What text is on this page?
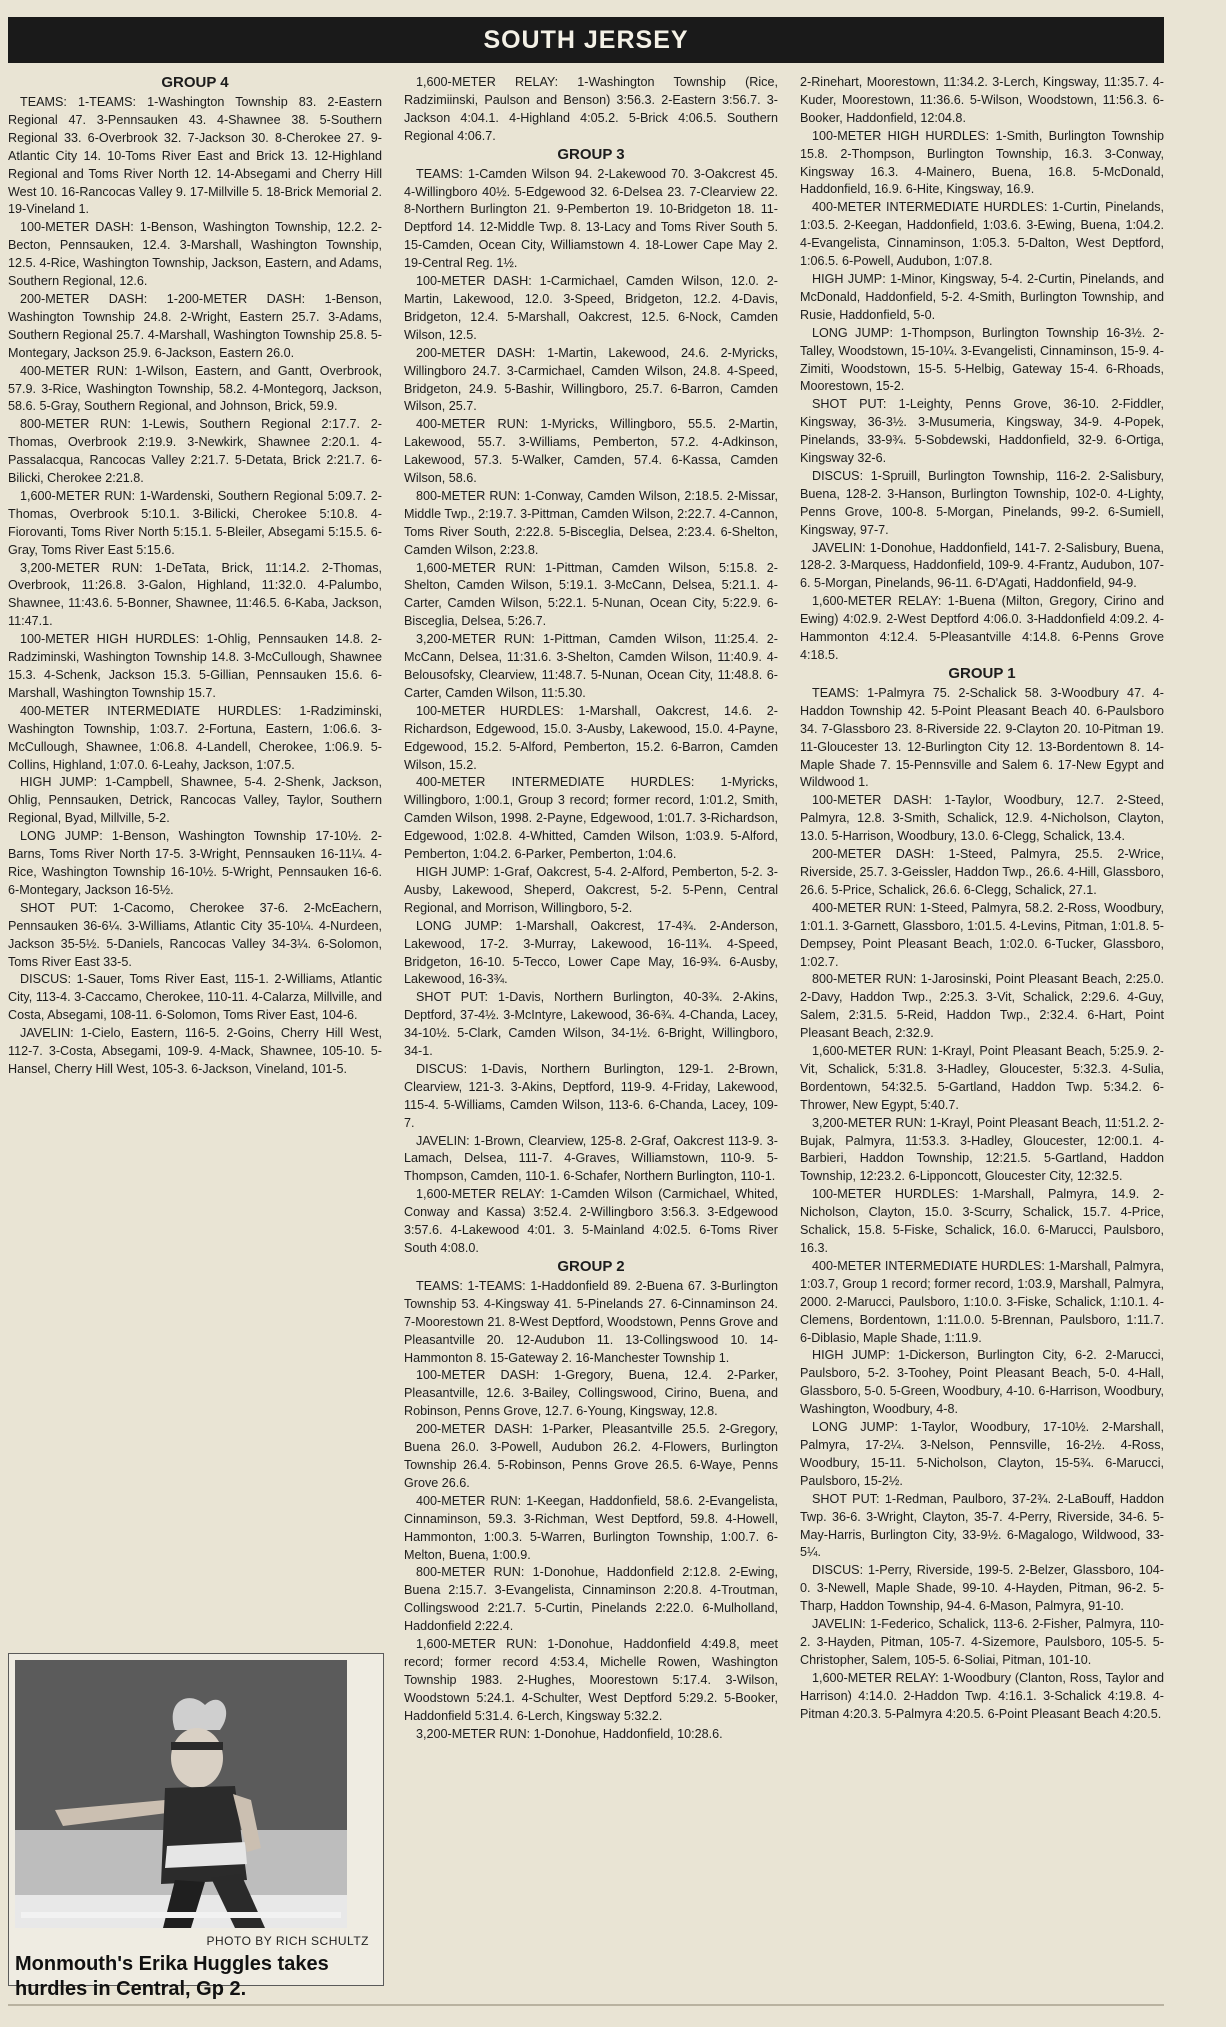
SOUTH JERSEY
GROUP 4

TEAMS: 1-TEAMS: 1-Washington Township 83. 2-Eastern Regional 47. 3-Pennsauken 43. 4-Shawnee 38. 5-Southern Regional 33. 6-Overbrook 32. 7-Jackson 30. 8-Cherokee 27. 9-Atlantic City 14. 10-Toms River East and Brick 13. 12-Highland Regional and Toms River North 12. 14-Absegami and Cherry Hill West 10. 16-Rancocas Valley 9. 17-Millville 5. 18-Brick Memorial 2. 19-Vineland 1.

100-METER DASH: 1-Benson, Washington Township, 12.2. 2-Becton, Pennsauken, 12.4. 3-Marshall, Washington Township, 12.5. 4-Rice, Washington Township, Jackson, Eastern, and Adams, Southern Regional, 12.6.

200-METER DASH: 1-200-METER DASH: 1-Benson, Washington Township 24.8. 2-Wright, Eastern 25.7. 3-Adams, Southern Regional 25.7. 4-Marshall, Washington Township 25.8. 5-Montegary, Jackson 25.9. 6-Jackson, Eastern 26.0.

400-METER RUN: 1-Wilson, Eastern, and Gantt, Overbrook, 57.9. 3-Rice, Washington Township, 58.2. 4-Montegorq, Jackson, 58.6. 5-Gray, Southern Regional, and Johnson, Brick, 59.9.

800-METER RUN: 1-Lewis, Southern Regional 2:17.7. 2-Thomas, Overbrook 2:19.9. 3-Newkirk, Shawnee 2:20.1. 4-Passalacqua, Rancocas Valley 2:21.7. 5-Detata, Brick 2:21.7. 6-Bilicki, Cherokee 2:21.8.

1,600-METER RUN: 1-Wardenski, Southern Regional 5:09.7. 2-Thomas, Overbrook 5:10.1. 3-Bilicki, Cherokee 5:10.8. 4-Fiorovanti, Toms River North 5:15.1. 5-Bleiler, Absegami 5:15.5. 6-Gray, Toms River East 5:15.6.

3,200-METER RUN: 1-DeTata, Brick, 11:14.2. 2-Thomas, Overbrook, 11:26.8. 3-Galon, Highland, 11:32.0. 4-Palumbo, Shawnee, 11:43.6. 5-Bonner, Shawnee, 11:46.5. 6-Kaba, Jackson, 11:47.1.

100-METER HIGH HURDLES: 1-Ohlig, Pennsauken 14.8. 2-Radziminski, Washington Township 14.8. 3-McCullough, Shawnee 15.3. 4-Schenk, Jackson 15.3. 5-Gillian, Pennsauken 15.6. 6-Marshall, Washington Township 15.7.

400-METER INTERMEDIATE HURDLES: 1-Radziminski, Washington Township, 1:03.7. 2-Fortuna, Eastern, 1:06.6. 3-McCullough, Shawnee, 1:06.8. 4-Landell, Cherokee, 1:06.9. 5-Collins, Highland, 1:07.0. 6-Leahy, Jackson, 1:07.5.

HIGH JUMP: 1-Campbell, Shawnee, 5-4. 2-Shenk, Jackson, Ohlig, Pennsauken, Detrick, Rancocas Valley, Taylor, Southern Regional, Byad, Millville, 5-2.

LONG JUMP: 1-Benson, Washington Township 17-10½. 2-Barns, Toms River North 17-5. 3-Wright, Pennsauken 16-11¼. 4-Rice, Washington Township 16-10½. 5-Wright, Pennsauken 16-6. 6-Montegary, Jackson 16-5½.

SHOT PUT: 1-Cacomo, Cherokee 37-6. 2-McEachern, Pennsauken 36-6¼. 3-Williams, Atlantic City 35-10¼. 4-Nurdeen, Jackson 35-5½. 5-Daniels, Rancocas Valley 34-3¼. 6-Solomon, Toms River East 33-5.

DISCUS: 1-Sauer, Toms River East, 115-1. 2-Williams, Atlantic City, 113-4. 3-Caccamo, Cherokee, 110-11. 4-Calarza, Millville, and Costa, Absegami, 108-11. 6-Solomon, Toms River East, 104-6.

JAVELIN: 1-Cielo, Eastern, 116-5. 2-Goins, Cherry Hill West, 112-7. 3-Costa, Absegami, 109-9. 4-Mack, Shawnee, 105-10. 5-Hansel, Cherry Hill West, 105-3. 6-Jackson, Vineland, 101-5.

PHOTO BY RICH SCHULTZ
Monmouth's Erika Huggles takes hurdles in Central, Gp 2.

1,600-METER RELAY: 1-Washington Township (Rice, Radzimiinski, Paulson and Benson) 3:56.3. 2-Eastern 3:56.7. 3-Jackson 4:04.1. 4-Highland 4:05.2. 5-Brick 4:06.5. Southern Regional 4:06.7.

GROUP 3

TEAMS: 1-Camden Wilson 94. 2-Lakewood 70. 3-Oakcrest 45. 4-Willingboro 40½. 5-Edgewood 32. 6-Delsea 23. 7-Clearview 22. 8-Northern Burlington 21. 9-Pemberton 19. 10-Bridgeton 18. 11-Deptford 14. 12-Middle Twp. 8. 13-Lacy and Toms River South 5. 15-Camden, Ocean City, Williamstown 4. 18-Lower Cape May 2. 19-Central Reg. 1½.

100-METER DASH: 1-Carmichael, Camden Wilson, 12.0. 2-Martin, Lakewood, 12.0. 3-Speed, Bridgeton, 12.2. 4-Davis, Bridgeton, 12.4. 5-Marshall, Oakcrest, 12.5. 6-Nock, Camden Wilson, 12.5.

200-METER DASH: 1-Martin, Lakewood, 24.6. 2-Myricks, Willingboro 24.7. 3-Carmichael, Camden Wilson, 24.8. 4-Speed, Bridgeton, 24.9. 5-Bashir, Willingboro, 25.7. 6-Barron, Camden Wilson, 25.7.

400-METER RUN: 1-Myricks, Willingboro, 55.5. 2-Martin, Lakewood, 55.7. 3-Williams, Pemberton, 57.2. 4-Adkinson, Lakewood, 57.3. 5-Walker, Camden, 57.4. 6-Kassa, Camden Wilson, 58.6.

800-METER RUN: 1-Conway, Camden Wilson, 2:18.5. 2-Missar, Middle Twp., 2:19.7. 3-Pittman, Camden Wilson, 2:22.7. 4-Cannon, Toms River South, 2:22.8. 5-Bisceglia, Delsea, 2:23.4. 6-Shelton, Camden Wilson, 2:23.8.

1,600-METER RUN: 1-Pittman, Camden Wilson, 5:15.8. 2-Shelton, Camden Wilson, 5:19.1. 3-McCann, Delsea, 5:21.1. 4-Carter, Camden Wilson, 5:22.1. 5-Nunan, Ocean City, 5:22.9. 6-Bisceglia, Delsea, 5:26.7.

3,200-METER RUN: 1-Pittman, Camden Wilson, 11:25.4. 2-McCann, Delsea, 11:31.6. 3-Shelton, Camden Wilson, 11:40.9. 4-Belousofsky, Clearview, 11:48.7. 5-Nunan, Ocean City, 11:48.8. 6-Carter, Camden Wilson, 11:5.30.

100-METER HURDLES: 1-Marshall, Oakcrest, 14.6. 2-Richardson, Edgewood, 15.0. 3-Ausby, Lakewood, 15.0. 4-Payne, Edgewood, 15.2. 5-Alford, Pemberton, 15.2. 6-Barron, Camden Wilson, 15.2.

400-METER INTERMEDIATE HURDLES: 1-Myricks, Willingboro, 1:00.1, Group 3 record; former record, 1:01.2, Smith, Camden Wilson, 1998. 2-Payne, Edgewood, 1:01.7. 3-Richardson, Edgewood, 1:02.8. 4-Whitted, Camden Wilson, 1:03.9. 5-Alford, Pemberton, 1:04.2. 6-Parker, Pemberton, 1:04.6.

HIGH JUMP: 1-Graf, Oakcrest, 5-4. 2-Alford, Pemberton, 5-2. 3-Ausby, Lakewood, Sheperd, Oakcrest, 5-2. 5-Penn, Central Regional, and Morrison, Willingboro, 5-2.

LONG JUMP: 1-Marshall, Oakcrest, 17-4¾. 2-Anderson, Lakewood, 17-2. 3-Murray, Lakewood, 16-11¾. 4-Speed, Bridgeton, 16-10. 5-Tecco, Lower Cape May, 16-9¾. 6-Ausby, Lakewood, 16-3¾.

SHOT PUT: 1-Davis, Northern Burlington, 40-3¾. 2-Akins, Deptford, 37-4½. 3-McIntyre, Lakewood, 36-6¾. 4-Chanda, Lacey, 34-10½. 5-Clark, Camden Wilson, 34-1½. 6-Bright, Willingboro, 34-1.

DISCUS: 1-Davis, Northern Burlington, 129-1. 2-Brown, Clearview, 121-3. 3-Akins, Deptford, 119-9. 4-Friday, Lakewood, 115-4. 5-Williams, Camden Wilson, 113-6. 6-Chanda, Lacey, 109-7.

JAVELIN: 1-Brown, Clearview, 125-8. 2-Graf, Oakcrest 113-9. 3-Lamach, Delsea, 111-7. 4-Graves, Williamstown, 110-9. 5-Thompson, Camden, 110-1. 6-Schafer, Northern Burlington, 110-1.

1,600-METER RELAY: 1-Camden Wilson (Carmichael, Whited, Conway and Kassa) 3:52.4. 2-Willingboro 3:56.3. 3-Edgewood 3:57.6. 4-Lakewood 4:01. 3. 5-Mainland 4:02.5. 6-Toms River South 4:08.0.

GROUP 2

TEAMS: 1-TEAMS: 1-Haddonfield 89. 2-Buena 67. 3-Burlington Township 53. 4-Kingsway 41. 5-Pinelands 27. 6-Cinnaminson 24. 7-Moorestown 21. 8-West Deptford, Woodstown, Penns Grove and Pleasantville 20. 12-Audubon 11. 13-Collingswood 10. 14-Hammonton 8. 15-Gateway 2. 16-Manchester Township 1.

100-METER DASH: 1-Gregory, Buena, 12.4. 2-Parker, Pleasantville, 12.6. 3-Bailey, Collingswood, Cirino, Buena, and Robinson, Penns Grove, 12.7. 6-Young, Kingsway, 12.8.

200-METER DASH: 1-Parker, Pleasantville 25.5. 2-Gregory, Buena 26.0. 3-Powell, Audubon 26.2. 4-Flowers, Burlington Township 26.4. 5-Robinson, Penns Grove 26.5. 6-Waye, Penns Grove 26.6.

400-METER RUN: 1-Keegan, Haddonfield, 58.6. 2-Evangelista, Cinnaminson, 59.3. 3-Richman, West Deptford, 59.8. 4-Howell, Hammonton, 1:00.3. 5-Warren, Burlington Township, 1:00.7. 6-Melton, Buena, 1:00.9.

800-METER RUN: 1-Donohue, Haddonfield 2:12.8. 2-Ewing, Buena 2:15.7. 3-Evangelista, Cinnaminson 2:20.8. 4-Troutman, Collingswood 2:21.7. 5-Curtin, Pinelands 2:22.0. 6-Mulholland, Haddonfield 2:22.4.

1,600-METER RUN: 1-Donohue, Haddonfield 4:49.8, meet record; former record 4:53.4, Michelle Rowen, Washington Township 1983. 2-Hughes, Moorestown 5:17.4. 3-Wilson, Woodstown 5:24.1. 4-Schulter, West Deptford 5:29.2. 5-Booker, Haddonfield 5:31.4. 6-Lerch, Kingsway 5:32.2.

3,200-METER RUN: 1-Donohue, Haddonfield, 10:28.6.

2-Rinehart, Moorestown, 11:34.2. 3-Lerch, Kingsway, 11:35.7. 4-Kuder, Moorestown, 11:36.6. 5-Wilson, Woodstown, 11:56.3. 6-Booker, Haddonfield, 12:04.8.

100-METER HIGH HURDLES: 1-Smith, Burlington Township 15.8. 2-Thompson, Burlington Township, 16.3. 3-Conway, Kingsway 16.3. 4-Mainero, Buena, 16.8. 5-McDonald, Haddonfield, 16.9. 6-Hite, Kingsway, 16.9.

400-METER INTERMEDIATE HURDLES: 1-Curtin, Pinelands, 1:03.5. 2-Keegan, Haddonfield, 1:03.6. 3-Ewing, Buena, 1:04.2. 4-Evangelista, Cinnaminson, 1:05.3. 5-Dalton, West Deptford, 1:06.5. 6-Powell, Audubon, 1:07.8.

HIGH JUMP: 1-Minor, Kingsway, 5-4. 2-Curtin, Pinelands, and McDonald, Haddonfield, 5-2. 4-Smith, Burlington Township, and Rusie, Haddonfield, 5-0.

LONG JUMP: 1-Thompson, Burlington Township 16-3½. 2-Talley, Woodstown, 15-10¼. 3-Evangelisti, Cinnaminson, 15-9. 4-Zimiti, Woodstown, 15-5. 5-Helbig, Gateway 15-4. 6-Rhoads, Moorestown, 15-2.

SHOT PUT: 1-Leighty, Penns Grove, 36-10. 2-Fiddler, Kingsway, 36-3½. 3-Musumeria, Kingsway, 34-9. 4-Popek, Pinelands, 33-9¾. 5-Sobdewski, Haddonfield, 32-9. 6-Ortiga, Kingsway 32-6.

DISCUS: 1-Spruill, Burlington Township, 116-2. 2-Salisbury, Buena, 128-2. 3-Hanson, Burlington Township, 102-0. 4-Lighty, Penns Grove, 100-8. 5-Morgan, Pinelands, 99-2. 6-Sumiell, Kingsway, 97-7.

JAVELIN: 1-Donohue, Haddonfield, 141-7. 2-Salisbury, Buena, 128-2. 3-Marquess, Haddonfield, 109-9. 4-Frantz, Audubon, 107-6. 5-Morgan, Pinelands, 96-11. 6-D'Agati, Haddonfield, 94-9.

1,600-METER RELAY: 1-Buena (Milton, Gregory, Cirino and Ewing) 4:02.9. 2-West Deptford 4:06.0. 3-Haddonfield 4:09.2. 4-Hammonton 4:12.4. 5-Pleasantville 4:14.8. 6-Penns Grove 4:18.5.

GROUP 1

TEAMS: 1-Palmyra 75. 2-Schalick 58. 3-Woodbury 47. 4-Haddon Township 42. 5-Point Pleasant Beach 40. 6-Paulsboro 34. 7-Glassboro 23. 8-Riverside 22. 9-Clayton 20. 10-Pitman 19. 11-Gloucester 13. 12-Burlington City 12. 13-Bordentown 8. 14-Maple Shade 7. 15-Pennsville and Salem 6. 17-New Egypt and Wildwood 1.

100-METER DASH: 1-Taylor, Woodbury, 12.7. 2-Steed, Palmyra, 12.8. 3-Smith, Schalick, 12.9. 4-Nicholson, Clayton, 13.0. 5-Harrison, Woodbury, 13.0. 6-Clegg, Schalick, 13.4.

200-METER DASH: 1-Steed, Palmyra, 25.5. 2-Wrice, Riverside, 25.7. 3-Geissler, Haddon Twp., 26.6. 4-Hill, Glassboro, 26.6. 5-Price, Schalick, 26.6. 6-Clegg, Schalick, 27.1.

400-METER RUN: 1-Steed, Palmyra, 58.2. 2-Ross, Woodbury, 1:01.1. 3-Garnett, Glassboro, 1:01.5. 4-Levins, Pitman, 1:01.8. 5-Dempsey, Point Pleasant Beach, 1:02.0. 6-Tucker, Glassboro, 1:02.7.

800-METER RUN: 1-Jarosinski, Point Pleasant Beach, 2:25.0. 2-Davy, Haddon Twp., 2:25.3. 3-Vit, Schalick, 2:29.6. 4-Guy, Salem, 2:31.5. 5-Reid, Haddon Twp., 2:32.4. 6-Hart, Point Pleasant Beach, 2:32.9.

1,600-METER RUN: 1-Krayl, Point Pleasant Beach, 5:25.9. 2-Vit, Schalick, 5:31.8. 3-Hadley, Gloucester, 5:32.3. 4-Sulia, Bordentown, 54:32.5. 5-Gartland, Haddon Twp. 5:34.2. 6-Thrower, New Egypt, 5:40.7.

3,200-METER RUN: 1-Krayl, Point Pleasant Beach, 11:51.2. 2-Bujak, Palmyra, 11:53.3. 3-Hadley, Gloucester, 12:00.1. 4-Barbieri, Haddon Township, 12:21.5. 5-Gartland, Haddon Township, 12:23.2. 6-Lipponcott, Gloucester City, 12:32.5.

100-METER HURDLES: 1-Marshall, Palmyra, 14.9. 2-Nicholson, Clayton, 15.0. 3-Scurry, Schalick, 15.7. 4-Price, Schalick, 15.8. 5-Fiske, Schalick, 16.0. 6-Marucci, Paulsboro, 16.3.

400-METER INTERMEDIATE HURDLES: 1-Marshall, Palmyra, 1:03.7, Group 1 record; former record, 1:03.9, Marshall, Palmyra, 2000. 2-Marucci, Paulsboro, 1:10.0. 3-Fiske, Schalick, 1:10.1. 4-Clemens, Bordentown, 1:11.0.0. 5-Brennan, Paulsboro, 1:11.7. 6-Diblasio, Maple Shade, 1:11.9.

HIGH JUMP: 1-Dickerson, Burlington City, 6-2. 2-Marucci, Paulsboro, 5-2. 3-Toohey, Point Pleasant Beach, 5-0. 4-Hall, Glassboro, 5-0. 5-Green, Woodbury, 4-10. 6-Harrison, Woodbury, Washington, Woodbury, 4-8.

LONG JUMP: 1-Taylor, Woodbury, 17-10½. 2-Marshall, Palmyra, 17-2¼. 3-Nelson, Pennsville, 16-2½. 4-Ross, Woodbury, 15-11. 5-Nicholson, Clayton, 15-5¾. 6-Marucci, Paulsboro, 15-2½.

SHOT PUT: 1-Redman, Paulboro, 37-2¾. 2-LaBouff, Haddon Twp. 36-6. 3-Wright, Clayton, 35-7. 4-Perry, Riverside, 34-6. 5-May-Harris, Burlington City, 33-9½. 6-Magalogo, Wildwood, 33-5¼.

DISCUS: 1-Perry, Riverside, 199-5. 2-Belzer, Glassboro, 104-0. 3-Newell, Maple Shade, 99-10. 4-Hayden, Pitman, 96-2. 5-Tharp, Haddon Township, 94-4. 6-Mason, Palmyra, 91-10.

JAVELIN: 1-Federico, Schalick, 113-6. 2-Fisher, Palmyra, 110-2. 3-Hayden, Pitman, 105-7. 4-Sizemore, Paulsboro, 105-5. 5-Christopher, Salem, 105-5. 6-Soliai, Pitman, 101-10.

1,600-METER RELAY: 1-Woodbury (Clanton, Ross, Taylor and Harrison) 4:14.0. 2-Haddon Twp. 4:16.1. 3-Schalick 4:19.8. 4-Pitman 4:20.3. 5-Palmyra 4:20.5. 6-Point Pleasant Beach 4:20.5.
